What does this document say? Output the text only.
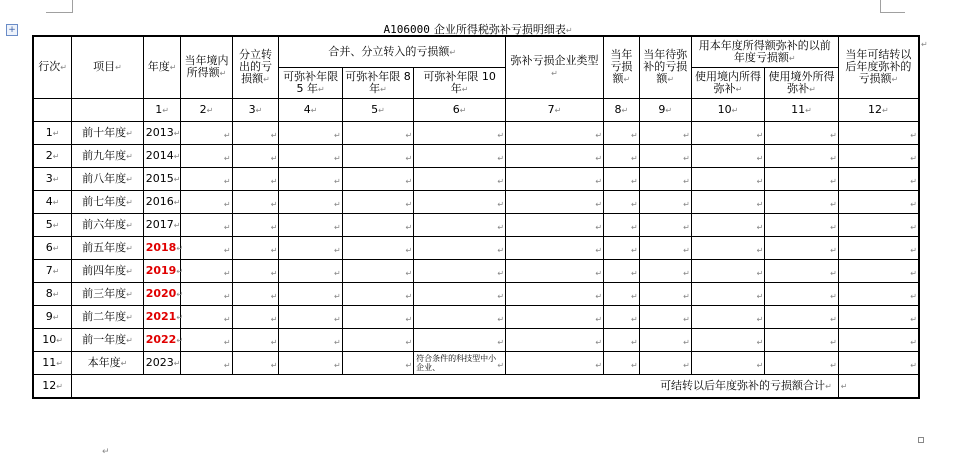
+	A106000 企业所得税弥补亏损明细表↵
行次↵	项目↵	年度↵	当年境内所得额↵	分立转出的亏损额↵	合并、分立转入的亏损额↵			弥补亏损企业类型↵	当年亏损额↵	当年待弥补的亏损额↵	用本年度所得额弥补的以前年度亏损额↵		当年可结转以后年度弥补的亏损额↵
					可弥补年限 5 年↵	可弥补年限 8 年↵	可弥补年限 10 年↵				使用境内所得弥补↵	使用境外所得弥补↵	
		1↵	2↵	3↵	4↵	5↵	6↵	7↵	8↵	9↵	10↵	11↵	12↵
1↵	前十年度↵	2013↵	↵	↵	↵	↵	↵	↵	↵	↵	↵	↵	↵

2↵	前九年度↵	2014↵	↵	↵	↵	↵	↵	↵	↵	↵	↵	↵	↵

3↵	前八年度↵	2015↵	↵	↵	↵	↵	↵	↵	↵	↵	↵	↵	↵

4↵	前七年度↵	2016↵	↵	↵	↵	↵	↵	↵	↵	↵	↵	↵	↵

5↵	前六年度↵	2017↵	↵	↵	↵	↵	↵	↵	↵	↵	↵	↵	↵

6↵	前五年度↵	2018↵	↵	↵	↵	↵	↵	↵	↵	↵	↵	↵	↵

7↵	前四年度↵	2019↵	↵	↵	↵	↵	↵	↵	↵	↵	↵	↵	↵

8↵	前三年度↵	2020↵	↵	↵	↵	↵	↵	↵	↵	↵	↵	↵	↵

9↵	前二年度↵	2021↵	↵	↵	↵	↵	↵	↵	↵	↵	↵	↵	↵

10↵	前一年度↵	2022↵	↵	↵	↵	↵	↵	↵	↵	↵	↵	↵	↵

11↵	本年度↵	2023↵	↵	↵	↵	↵	符合条件的科技型中小企业、 ↵	↵	↵	↵	↵	↵	↵

12↵	可结转以后年度弥补的亏损额合计↵												↵
↵
↵
